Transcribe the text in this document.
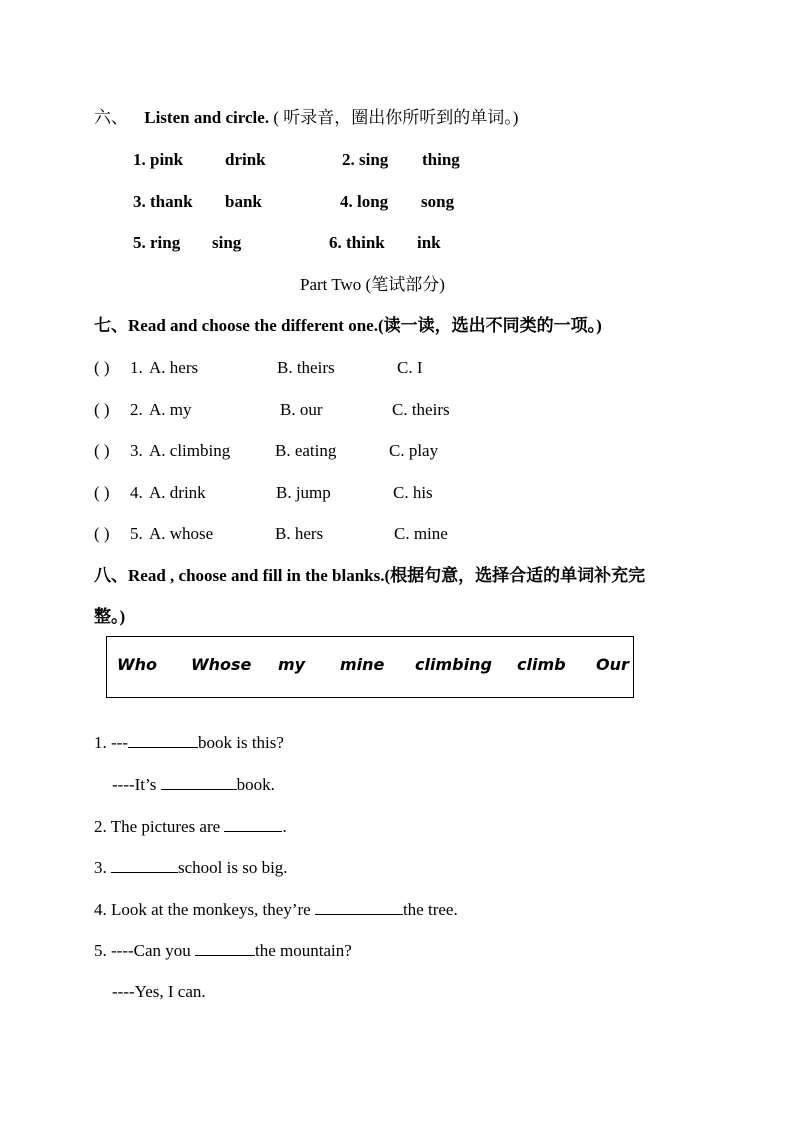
六、 Listen and circle. ( 听录音，圈出你所听到的单词。)
1. pink drink	2. sing thing
3. thank bank	4. long song
5. ring sing	6. think ink
Part Two (笔试部分)
七、Read and choose the different one.(读一读，选出不同类的一项。)
( ) 1. A. hers	B. theirs	C. I
( ) 2. A. my	B. our	C. theirs
( ) 3. A. climbing	B. eating	C. play
( ) 4. A. drink	B. jump	C. his
( ) 5. A. whose	B. hers	C. mine
八、Read , choose and fill in the blanks.(根据句意，选择合适的单词补充完
整。)
Who Whose my mine climbing climb Our
1. ---	book is this?
----It’s	book.
2. The pictures are	.
3.	school is so big.
4. Look at the monkeys, they’re	the tree.
5. ----Can you	the mountain?
----Yes, I can.
